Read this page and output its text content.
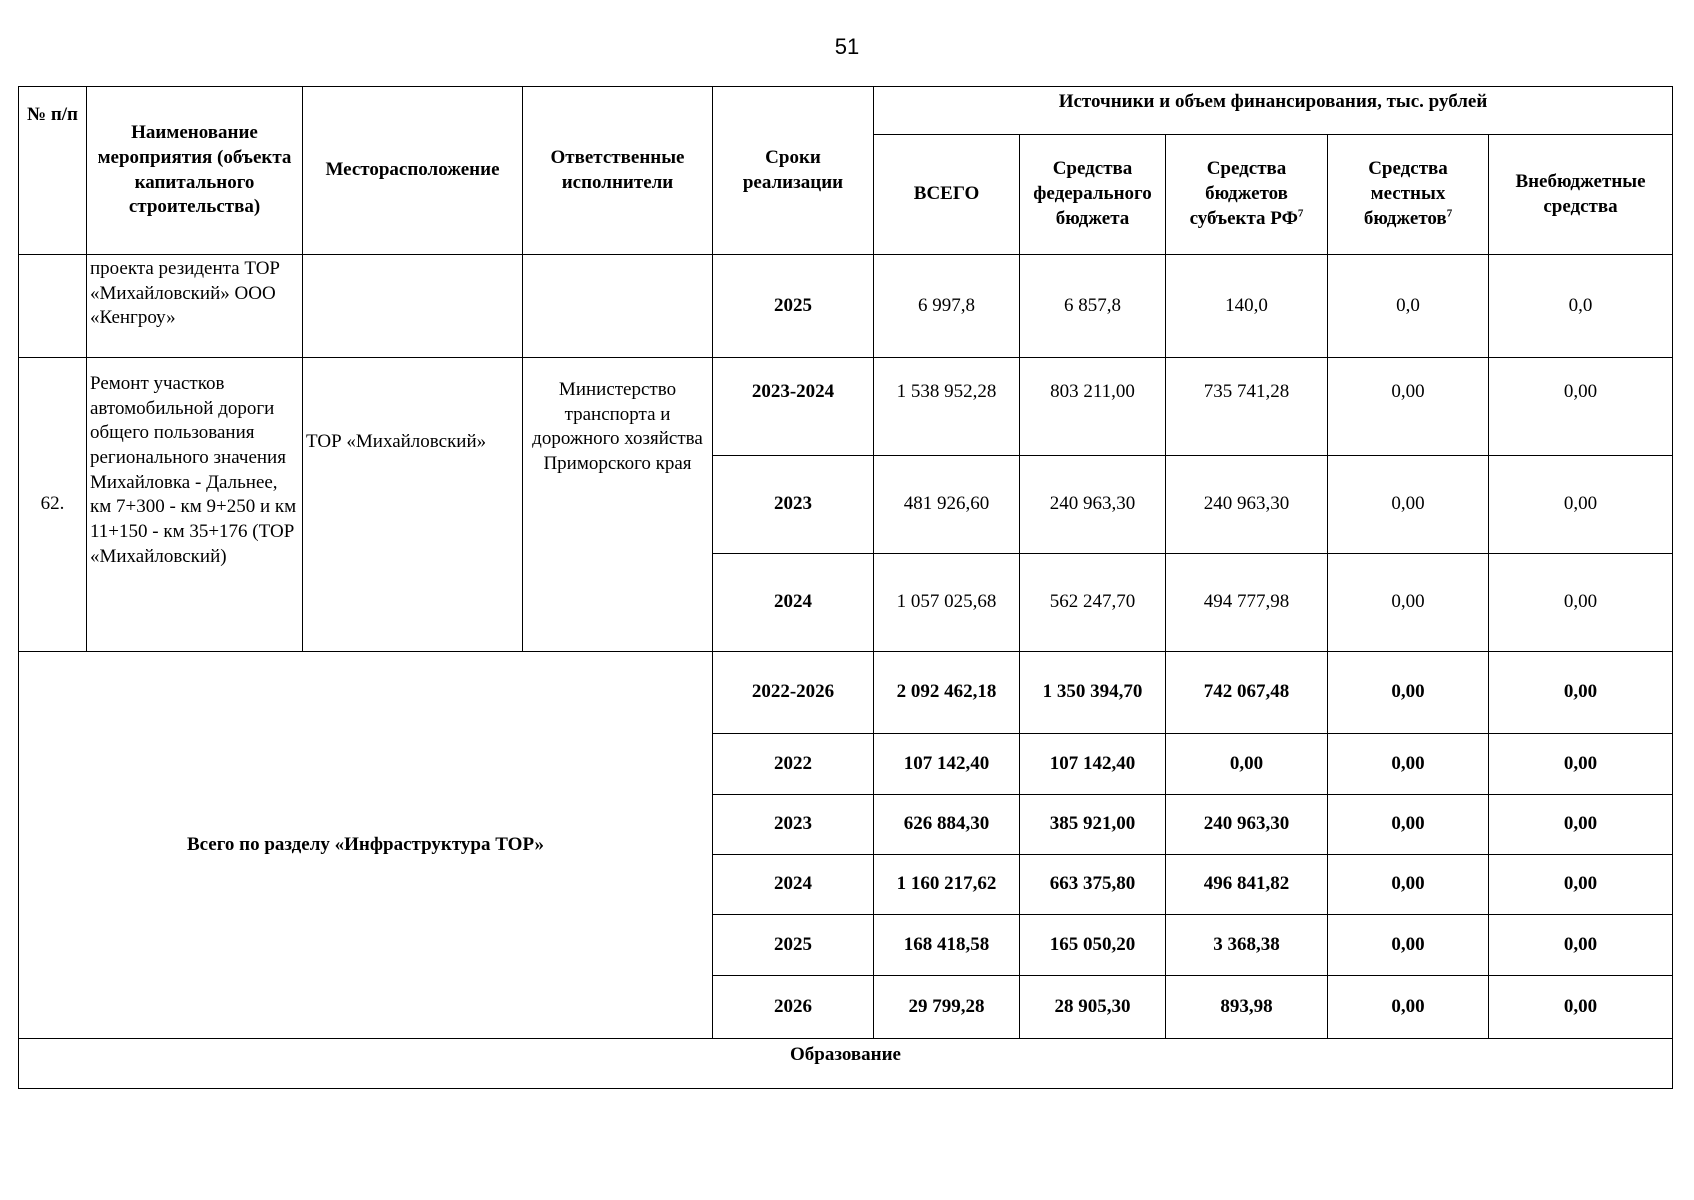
51
№ п/п	Наименование мероприятия (объекта капитального строительства)	Месторасположение	Ответственные исполнители	Сроки реализации	Источники и объем финансирования, тыс. рублей				
					ВСЕГО	Средства федерального бюджета	Средства бюджетов субъекта $РФ^7$	Средства местных бюджетов$^7$	Внебюджетные средства
	проекта резидента ТОР «Михайловский» ООО «Кенгроу»			2025	6 997,8	6 857,8	140,0	0,0	0,0
62.	Ремонт участков автомобильной дороги общего пользования регионального значения Михайловка - Дальнее, км 7+300 - км 9+250 и км 11+150 - км 35+176 (ТОР «Михайловский)	ТОР «Михайловский»	Министерство транспорта и дорожного хозяйства Приморского края	2023-2024	1 538 952,28	803 211,00	735 741,28	0,00	0,00
				2023	481 926,60	240 963,30	240 963,30	0,00	0,00
				2024	1 057 025,68	562 247,70	494 777,98	0,00	0,00
Всего по разделу «Инфраструктура ТОР»				2022-2026	2 092 462,18	1 350 394,70	742 067,48	0,00	0,00
				2022	107 142,40	107 142,40	0,00	0,00	0,00
				2023	626 884,30	385 921,00	240 963,30	0,00	0,00
				2024	1 160 217,62	663 375,80	496 841,82	0,00	0,00
				2025	168 418,58	165 050,20	3 368,38	0,00	0,00
				2026	29 799,28	28 905,30	893,98	0,00	0,00
Образование									
